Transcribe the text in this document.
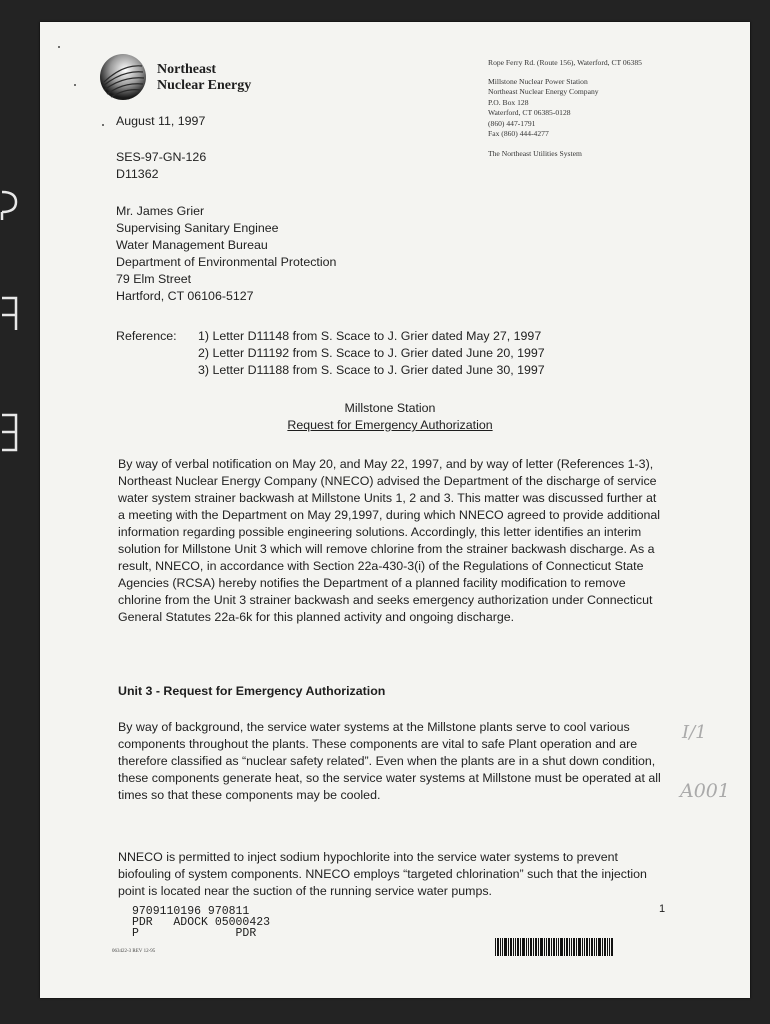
Northeast
Nuclear Energy
Rope Ferry Rd. (Route 156), Waterford, CT 06385
Millstone Nuclear Power Station
Northeast Nuclear Energy Company
P.O. Box 128
Waterford, CT 06385-0128
(860) 447-1791
Fax (860) 444-4277
The Northeast Utilities System
August 11, 1997
SES-97-GN-126
D11362
Mr. James Grier
Supervising Sanitary Enginee
Water Management Bureau
Department of Environmental Protection
79 Elm Street
Hartford, CT 06106-5127
Reference:	1) Letter D11148 from S. Scace to J. Grier dated May 27, 1997
2) Letter D11192 from S. Scace to J. Grier dated June 20, 1997
3) Letter D11188 from S. Scace to J. Grier dated June 30, 1997
Millstone Station
Request for Emergency Authorization
By way of verbal notification on May 20, and May 22, 1997, and by way of letter (References 1-3), Northeast Nuclear Energy Company (NNECO) advised the Department of the discharge of service water system strainer backwash at Millstone Units 1, 2 and 3. This matter was discussed further at a meeting with the Department on May 29,1997, during which NNECO agreed to provide additional information regarding possible engineering solutions. Accordingly, this letter identifies an interim solution for Millstone Unit 3 which will remove chlorine from the strainer backwash discharge. As a result, NNECO, in accordance with Section 22a-430-3(i) of the Regulations of Connecticut State Agencies (RCSA) hereby notifies the Department of a planned facility modification to remove chlorine from the Unit 3 strainer backwash and seeks emergency authorization under Connecticut General Statutes 22a-6k for this planned activity and ongoing discharge.
Unit 3 - Request for Emergency Authorization
By way of background, the service water systems at the Millstone plants serve to cool various components throughout the plants. These components are vital to safe Plant operation and are therefore classified as “nuclear safety related”. Even when the plants are in a shut down condition, these components generate heat, so the service water systems at Millstone must be operated at all times so that these components may be cooled.
NNECO is permitted to inject sodium hypochlorite into the service water systems to prevent biofouling of system components. NNECO employs “targeted chlorination” such that the injection point is located near the suction of the running service water pumps.
1
9709110196 970811
PDR   ADOCK 05000423
P              PDR
063422-3 REV 12-95
I/1
A001
